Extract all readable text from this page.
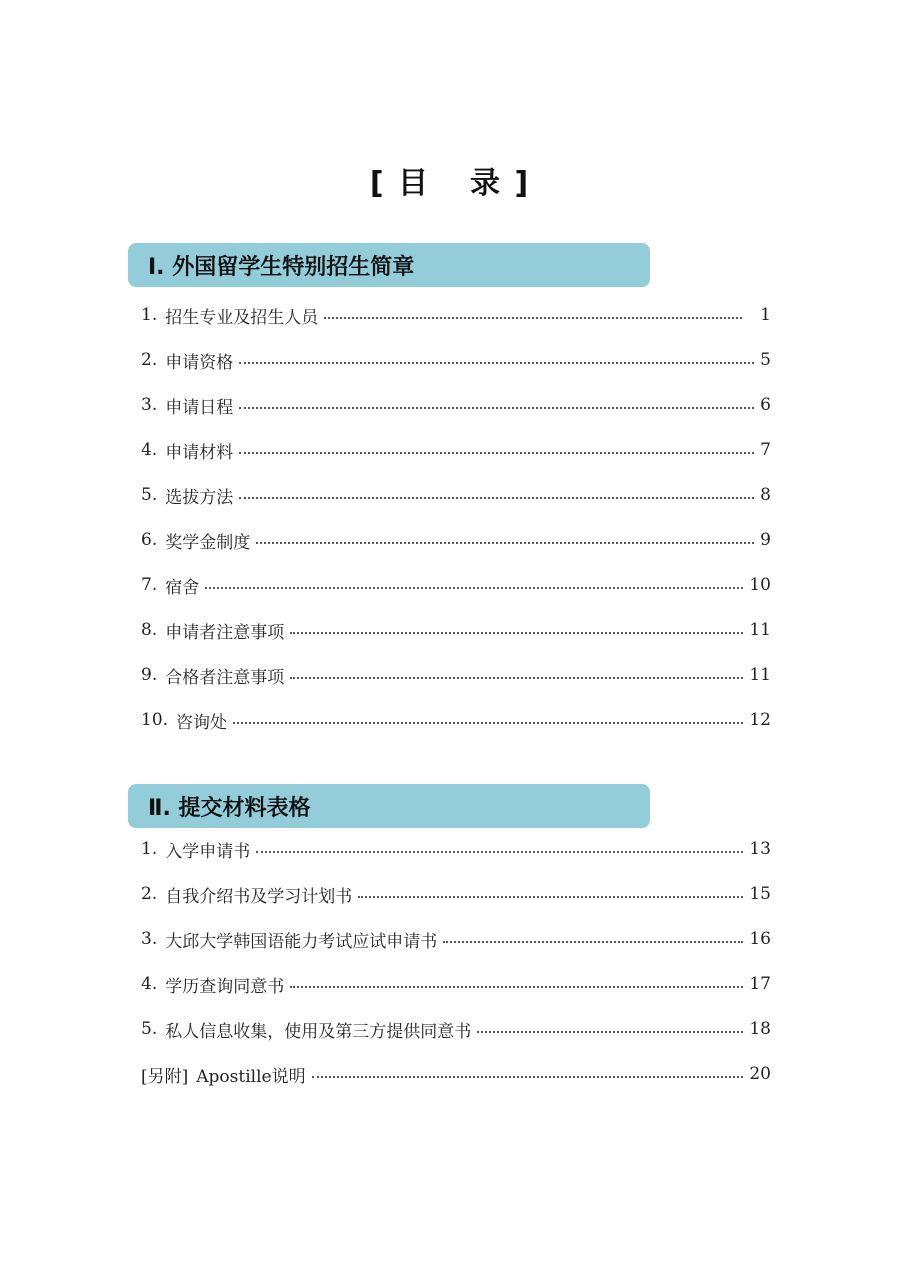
[ 目 录 ]
Ⅰ. 外国留学生特别招生简章
1. 招生专业及招生人员	1
2. 申请资格	5
3. 申请日程	6
4. 申请材料	7
5. 选拔方法	8
6. 奖学金制度	9
7. 宿舍	10
8. 申请者注意事项	11
9. 合格者注意事项	11
10. 咨询处	12
Ⅱ. 提交材料表格
1. 入学申请书	13
2. 自我介绍书及学习计划书	15
3. 大邱大学韩国语能力考试应试申请书	16
4. 学历查询同意书	17
5. 私人信息收集，使用及第三方提供同意书	18
[另附] Apostille说明	20
